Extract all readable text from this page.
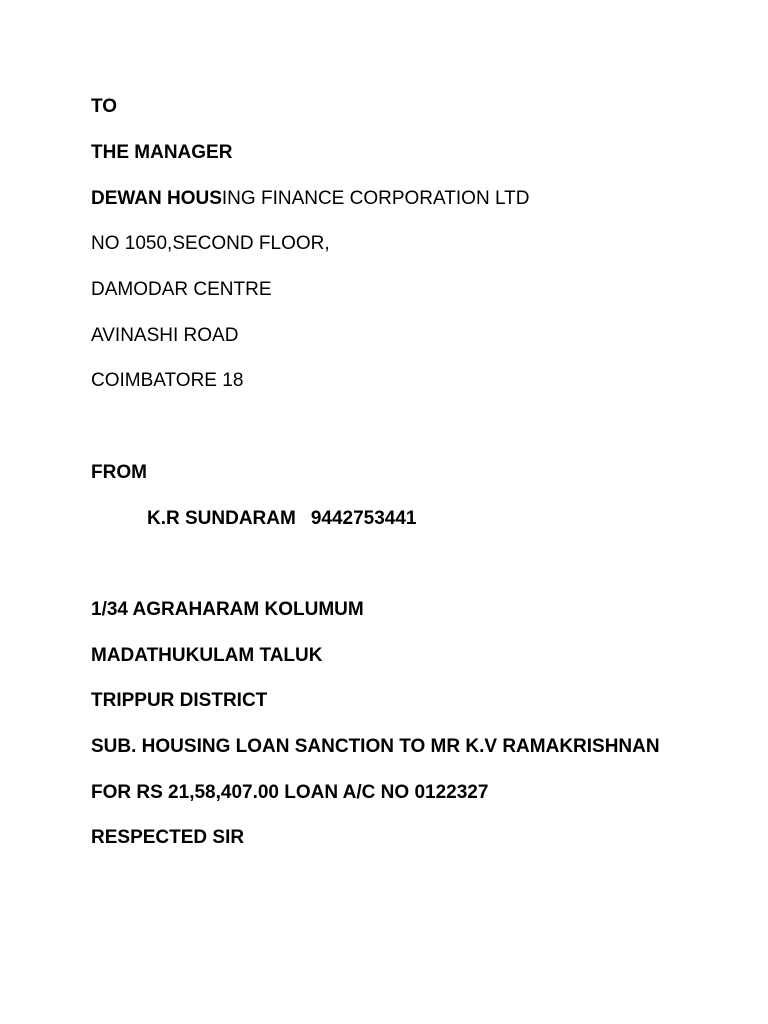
TO
THE MANAGER
DEWAN HOUSING FINANCE CORPORATION LTD
NO 1050,SECOND FLOOR,
DAMODAR CENTRE
AVINASHI ROAD
COIMBATORE 18
FROM
K.R SUNDARAM 9442753441
1/34 AGRAHARAM KOLUMUM
MADATHUKULAM TALUK
TRIPPUR DISTRICT
SUB. HOUSING LOAN SANCTION TO MR K.V RAMAKRISHNAN
FOR RS 21,58,407.00 LOAN A/C NO 0122327
RESPECTED SIR
